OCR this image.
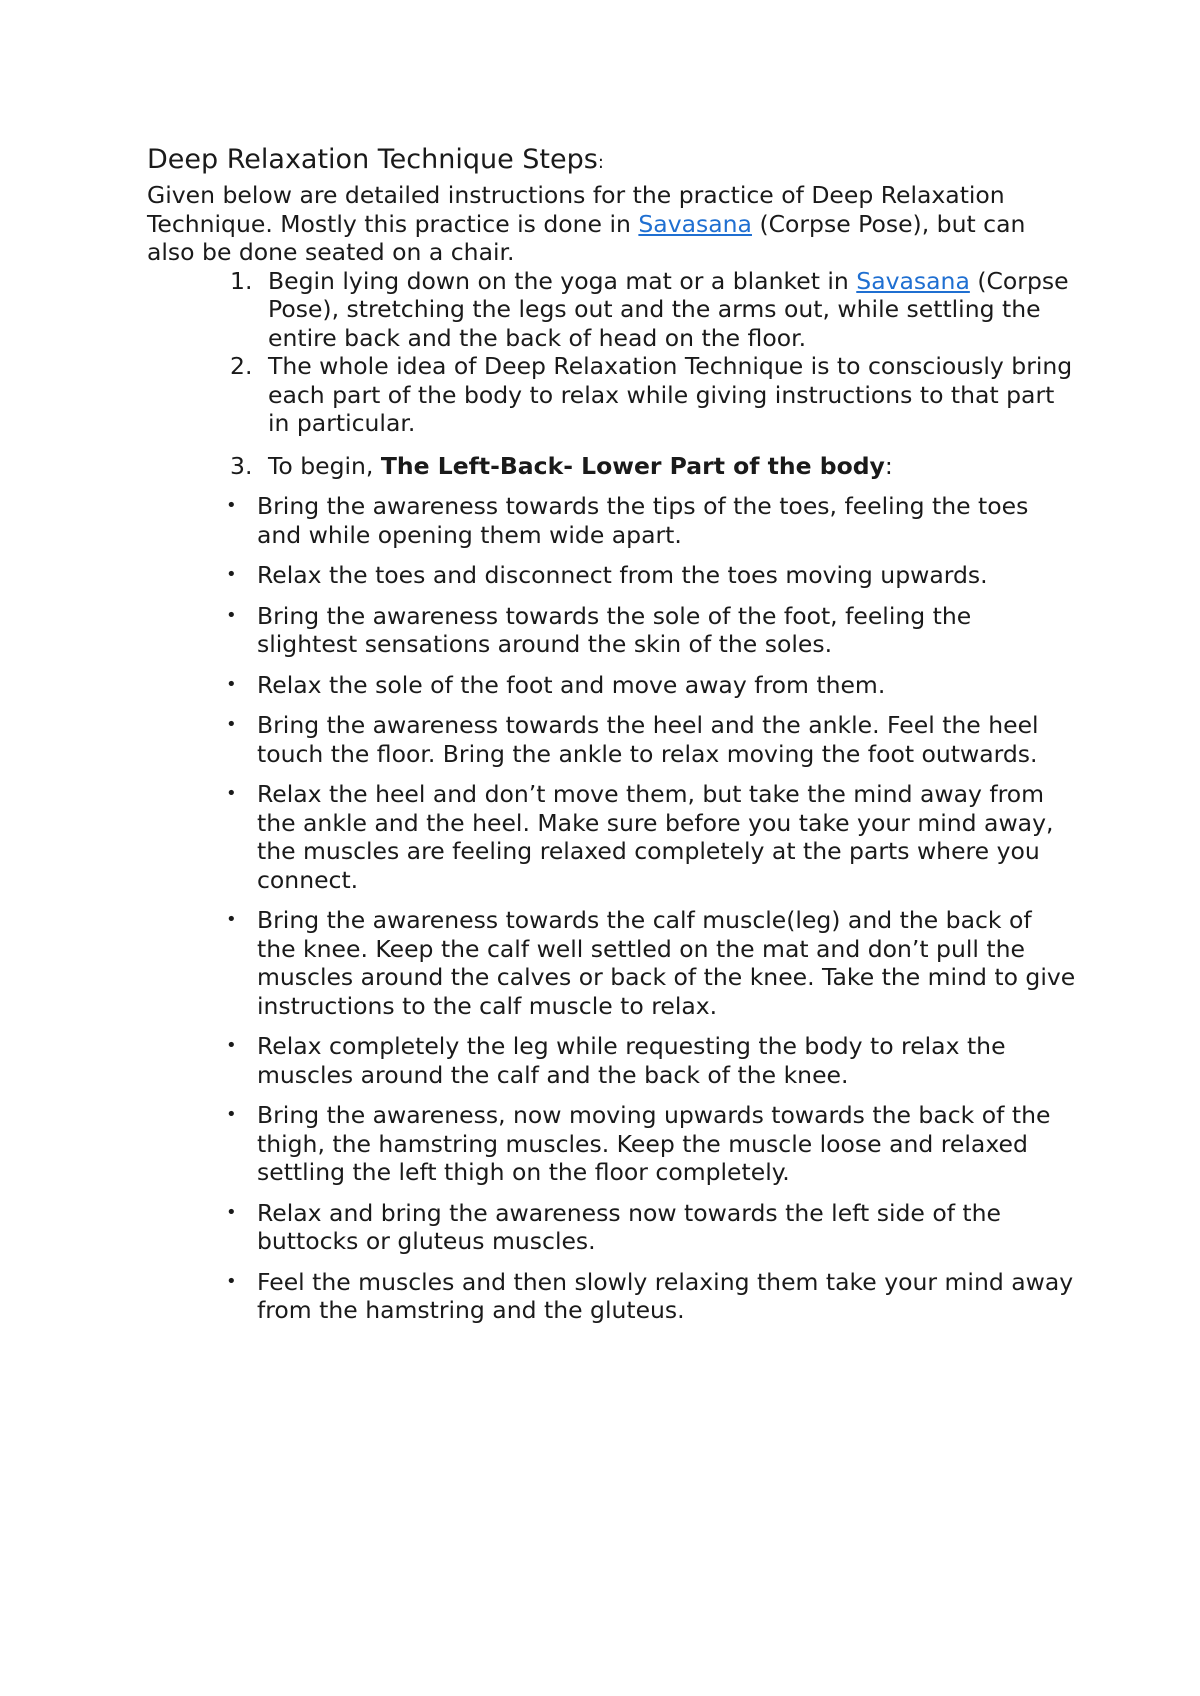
Deep Relaxation Technique Steps:

Given below are detailed instructions for the practice of Deep Relaxation Technique. Mostly this practice is done in Savasana (Corpse Pose), but can also be done seated on a chair.

1. Begin lying down on the yoga mat or a blanket in Savasana (Corpse Pose), stretching the legs out and the arms out, while settling the entire back and the back of head on the floor.
2. The whole idea of Deep Relaxation Technique is to consciously bring each part of the body to relax while giving instructions to that part in particular.
3. To begin, The Left-Back- Lower Part of the body:
• Bring the awareness towards the tips of the toes, feeling the toes and while opening them wide apart.
• Relax the toes and disconnect from the toes moving upwards.
• Bring the awareness towards the sole of the foot, feeling the slightest sensations around the skin of the soles.
• Relax the sole of the foot and move away from them.
• Bring the awareness towards the heel and the ankle. Feel the heel touch the floor. Bring the ankle to relax moving the foot outwards.
• Relax the heel and don’t move them, but take the mind away from the ankle and the heel. Make sure before you take your mind away, the muscles are feeling relaxed completely at the parts where you connect.
• Bring the awareness towards the calf muscle(leg) and the back of the knee. Keep the calf well settled on the mat and don’t pull the muscles around the calves or back of the knee. Take the mind to give instructions to the calf muscle to relax.
• Relax completely the leg while requesting the body to relax the muscles around the calf and the back of the knee.
• Bring the awareness, now moving upwards towards the back of the thigh, the hamstring muscles. Keep the muscle loose and relaxed settling the left thigh on the floor completely.
• Relax and bring the awareness now towards the left side of the buttocks or gluteus muscles.
• Feel the muscles and then slowly relaxing them take your mind away from the hamstring and the gluteus.
